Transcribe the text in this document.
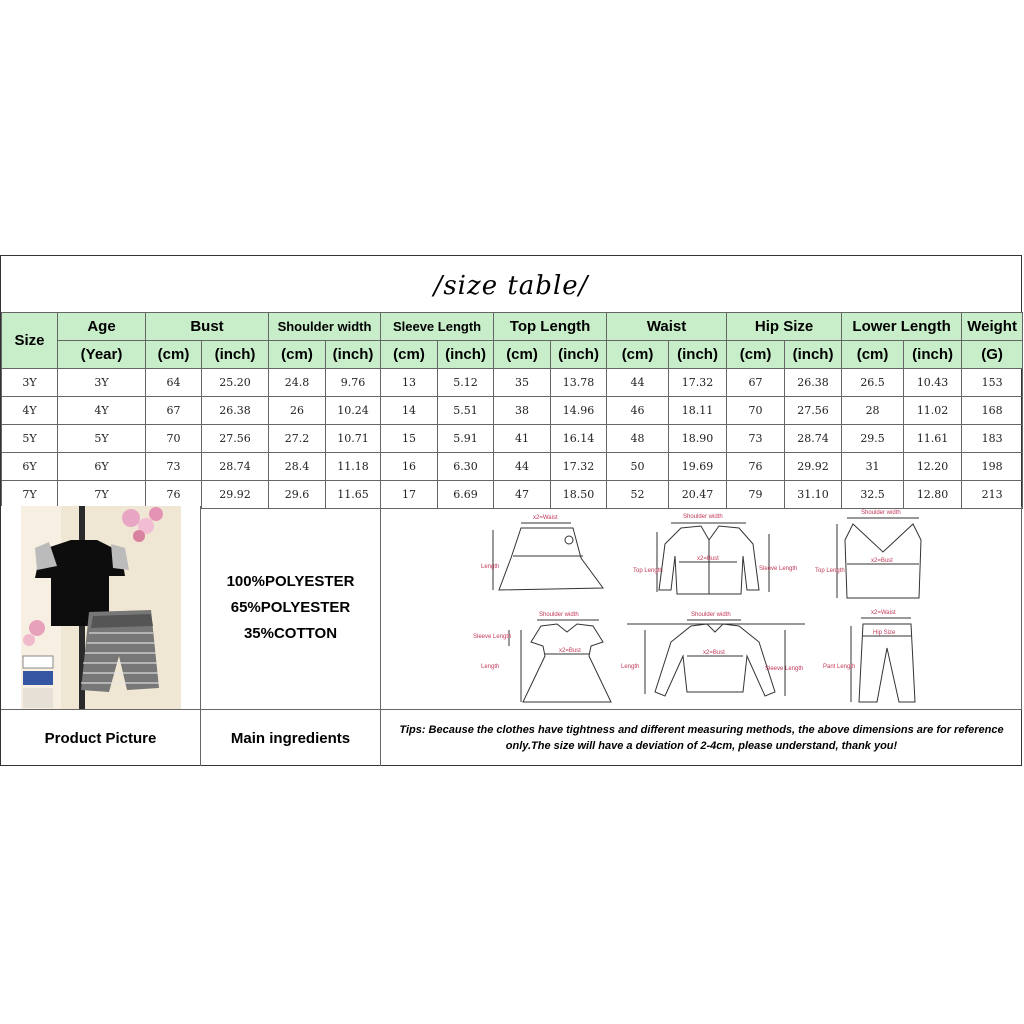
/size table/
Size	Age	Bust		Shoulder width		Sleeve Length		Top Length		Waist		Hip Size		Lower Length		Weight
	(Year)	(cm)	(inch)	(cm)	(inch)	(cm)	(inch)	(cm)	(inch)	(cm)	(inch)	(cm)	(inch)	(cm)	(inch)	(G)
3Y	3Y	64	25.20	24.8	9.76	13	5.12	35	13.78	44	17.32	67	26.38	26.5	10.43	153
4Y	4Y	67	26.38	26	10.24	14	5.51	38	14.96	46	18.11	70	27.56	28	11.02	168
5Y	5Y	70	27.56	27.2	10.71	15	5.91	41	16.14	48	18.90	73	28.74	29.5	11.61	183
6Y	6Y	73	28.74	28.4	11.18	16	6.30	44	17.32	50	19.69	76	29.92	31	12.20	198
7Y	7Y	76	29.92	29.6	11.65	17	6.69	47	18.50	52	20.47	79	31.10	32.5	12.80	213
100%POLYESTER
65%POLYESTER
35%COTTON
x2=Waist
Length
Shoulder width
x2=Bust
Top Length	Sleeve Length
Shoulder width
x2=Bust
Top Length
Shoulder width
x2=Bust
Sleeve Length
Length
Shoulder width
x2=Bust
Length	Sleeve Length
x2=Waist
Hip Size
Pant Length
Product Picture	Main ingredients	Tips: Because the clothes have tightness and different measuring methods, the above dimensions are for reference only.The size will have a deviation of 2-4cm, please understand, thank you!
